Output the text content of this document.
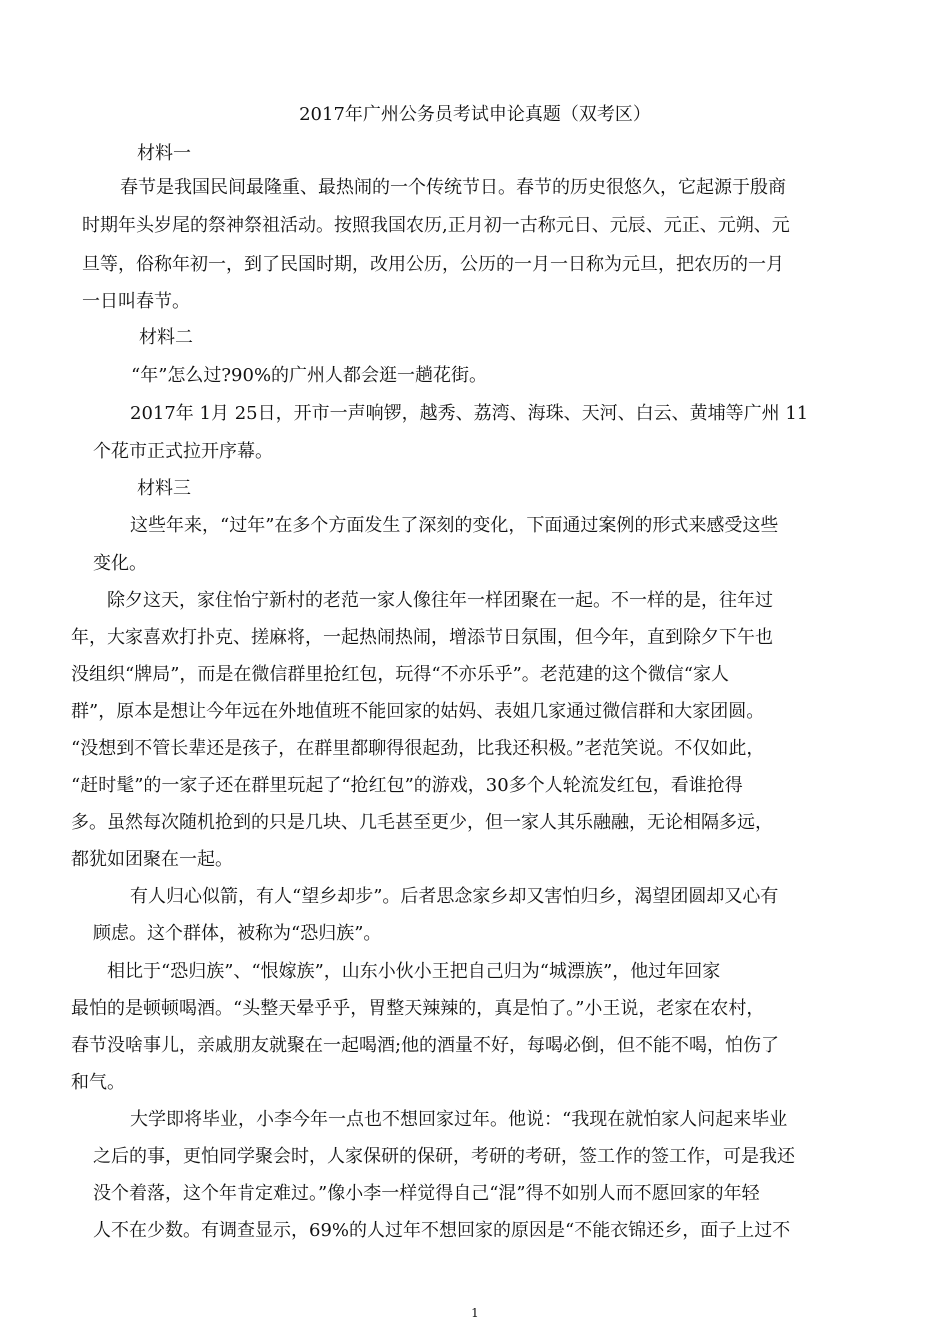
2017年广州公务员考试申论真题（双考区）
材料一
春节是我国民间最隆重、最热闹的一个传统节日。春节的历史很悠久，它起源于殷商
时期年头岁尾的祭神祭祖活动。按照我国农历,正月初一古称元日、元辰、元正、元朔、元
旦等，俗称年初一，到了民国时期，改用公历，公历的一月一日称为元旦，把农历的一月
一日叫春节。
材料二
“年”怎么过?90%的广州人都会逛一趟花街。
2017年 1月 25日，开市一声响锣，越秀、荔湾、海珠、天河、白云、黄埔等广州 11
个花市正式拉开序幕。
材料三
这些年来，“过年”在多个方面发生了深刻的变化，下面通过案例的形式来感受这些
变化。
除夕这天，家住怡宁新村的老范一家人像往年一样团聚在一起。不一样的是，往年过
年，大家喜欢打扑克、搓麻将，一起热闹热闹，增添节日氛围，但今年，直到除夕下午也
没组织“牌局”，而是在微信群里抢红包，玩得“不亦乐乎”。老范建的这个微信“家人
群”，原本是想让今年远在外地值班不能回家的姑妈、表姐几家通过微信群和大家团圆。
“没想到不管长辈还是孩子，在群里都聊得很起劲，比我还积极。”老范笑说。不仅如此，
“赶时髦”的一家子还在群里玩起了“抢红包”的游戏，30多个人轮流发红包，看谁抢得
多。虽然每次随机抢到的只是几块、几毛甚至更少，但一家人其乐融融，无论相隔多远，
都犹如团聚在一起。
有人归心似箭，有人“望乡却步”。后者思念家乡却又害怕归乡，渴望团圆却又心有
顾虑。这个群体，被称为“恐归族”。
相比于“恐归族”、“恨嫁族”，山东小伙小王把自己归为“城漂族”，他过年回家
最怕的是顿顿喝酒。“头整天晕乎乎，胃整天辣辣的，真是怕了。”小王说，老家在农村，
春节没啥事儿，亲戚朋友就聚在一起喝酒;他的酒量不好，每喝必倒，但不能不喝，怕伤了
和气。
大学即将毕业，小李今年一点也不想回家过年。他说：“我现在就怕家人问起来毕业
之后的事，更怕同学聚会时，人家保研的保研，考研的考研，签工作的签工作，可是我还
没个着落，这个年肯定难过。”像小李一样觉得自己“混”得不如别人而不愿回家的年轻
人不在少数。有调查显示，69%的人过年不想回家的原因是“不能衣锦还乡，面子上过不
1
